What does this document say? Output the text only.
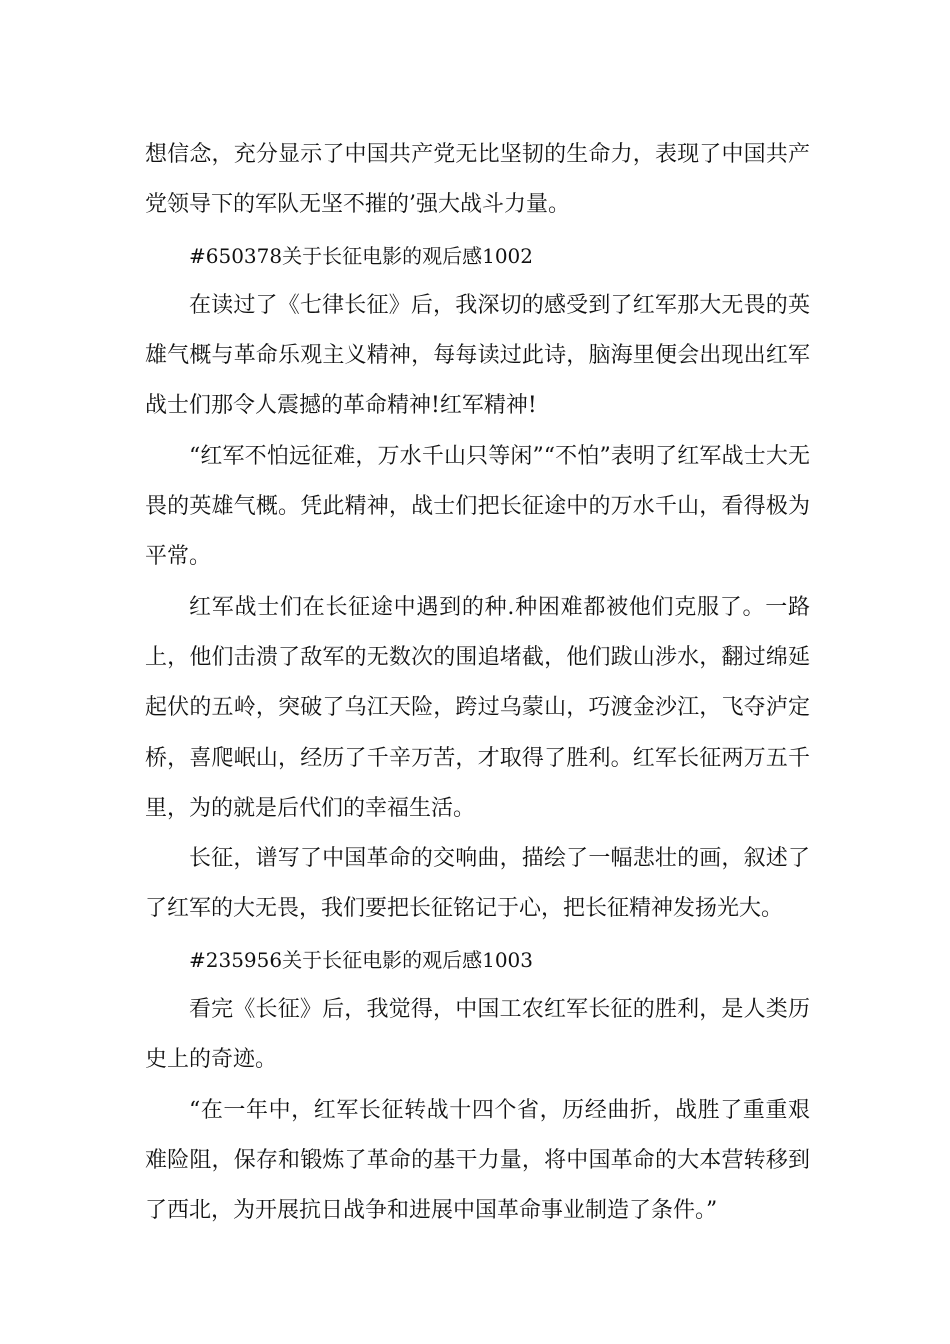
想信念，充分显示了中国共产党无比坚韧的生命力，表现了中国共产党领导下的军队无坚不摧的’强大战斗力量。

#650378关于长征电影的观后感1002

在读过了《七律长征》后，我深切的感受到了红军那大无畏的英雄气概与革命乐观主义精神，每每读过此诗，脑海里便会出现出红军战士们那令人震撼的革命精神!红军精神!

“红军不怕远征难，万水千山只等闲”“不怕”表明了红军战士大无畏的英雄气概。凭此精神，战士们把长征途中的万水千山，看得极为平常。

红军战士们在长征途中遇到的种.种困难都被他们克服了。一路上，他们击溃了敌军的无数次的围追堵截，他们跋山涉水，翻过绵延起伏的五岭，突破了乌江天险，跨过乌蒙山，巧渡金沙江，飞夺泸定桥，喜爬岷山，经历了千辛万苦，才取得了胜利。红军长征两万五千里，为的就是后代们的幸福生活。

长征，谱写了中国革命的交响曲，描绘了一幅悲壮的画，叙述了了红军的大无畏，我们要把长征铭记于心，把长征精神发扬光大。

#235956关于长征电影的观后感1003

看完《长征》后，我觉得，中国工农红军长征的胜利，是人类历史上的奇迹。

“在一年中，红军长征转战十四个省，历经曲折，战胜了重重艰难险阻，保存和锻炼了革命的基干力量，将中国革命的大本营转移到了西北，为开展抗日战争和进展中国革命事业制造了条件。”
